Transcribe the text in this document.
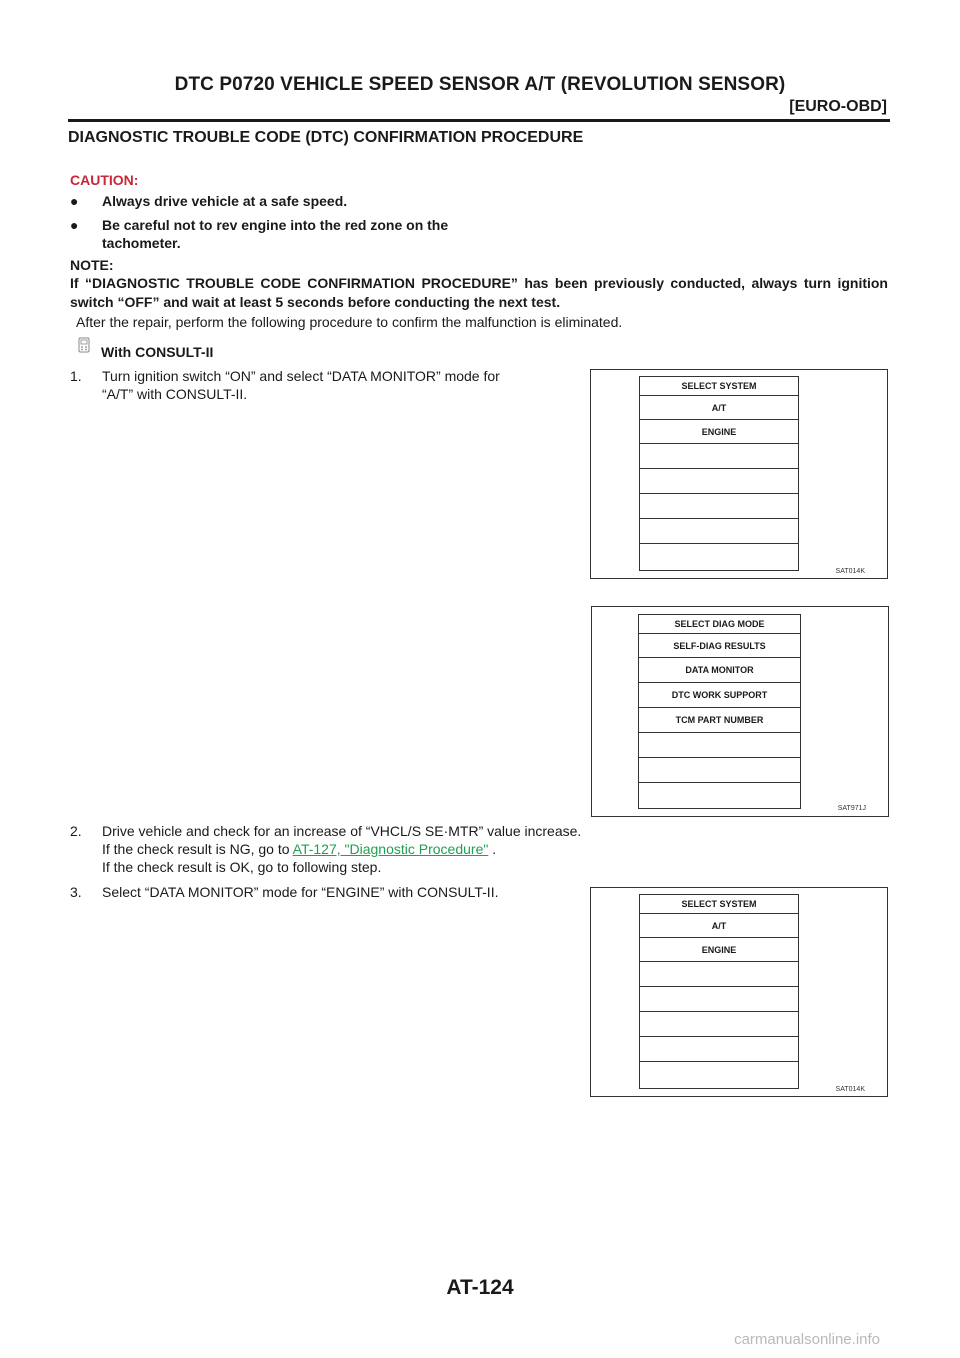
DTC P0720 VEHICLE SPEED SENSOR A/T (REVOLUTION SENSOR)
[EURO-OBD]
DIAGNOSTIC TROUBLE CODE (DTC) CONFIRMATION PROCEDURE
CAUTION:
● Always drive vehicle at a safe speed.
● Be careful not to rev engine into the red zone on the
tachometer.
NOTE:
If “DIAGNOSTIC TROUBLE CODE CONFIRMATION PROCEDURE” has been previously conducted, always turn ignition switch “OFF” and wait at least 5 seconds before conducting the next test.
After the repair, perform the following procedure to confirm the malfunction is eliminated.
With CONSULT-II
1. Turn ignition switch “ON” and select “DATA MONITOR” mode for
“A/T” with CONSULT-II.	SELECT SYSTEM
A/T
ENGINE
SAT014K
SELECT DIAG MODE
SELF-DIAG RESULTS
DATA MONITOR
DTC WORK SUPPORT
TCM PART NUMBER
SAT971J
2. Drive vehicle and check for an increase of “VHCL/S SE·MTR” value increase.
If the check result is NG, go to AT-127, "Diagnostic Procedure" .
If the check result is OK, go to following step.
3. Select “DATA MONITOR” mode for “ENGINE” with CONSULT-II.
SELECT SYSTEM
A/T
ENGINE
SAT014K
AT-124
carmanualsonline.info
